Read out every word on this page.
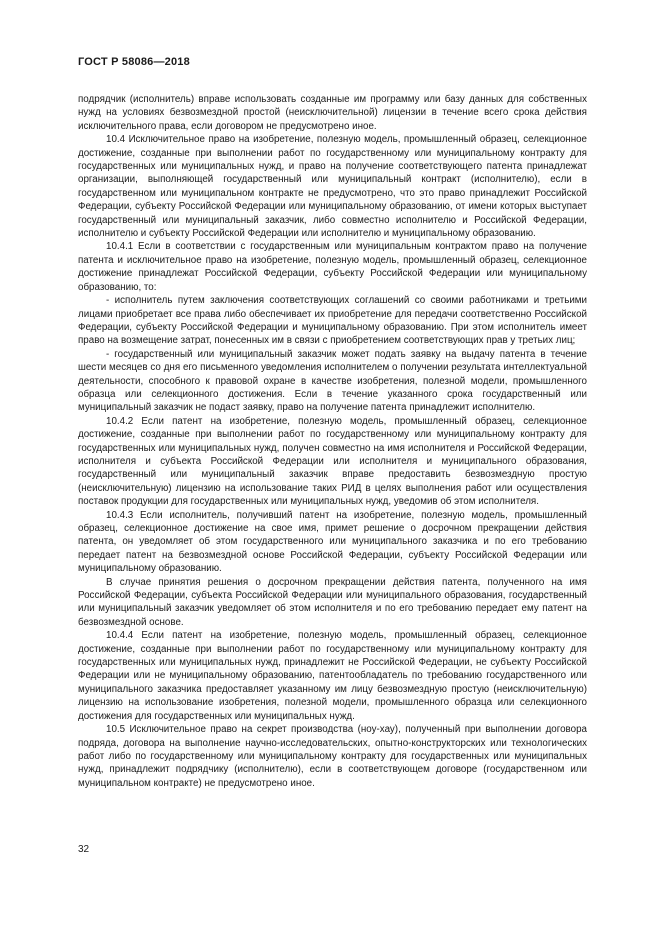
ГОСТ Р 58086—2018

подрядчик (исполнитель) вправе использовать созданные им программу или базу данных для собственных нужд на условиях безвозмездной простой (неисключительной) лицензии в течение всего срока действия исключительного права, если договором не предусмотрено иное.

10.4 Исключительное право на изобретение, полезную модель, промышленный образец, селекционное достижение, созданные при выполнении работ по государственному или муниципальному контракту для государственных или муниципальных нужд, и право на получение соответствующего патента принадлежат организации, выполняющей государственный или муниципальный контракт (исполнителю), если в государственном или муниципальном контракте не предусмотрено, что это право принадлежит Российской Федерации, субъекту Российской Федерации или муниципальному образованию, от имени которых выступает государственный или муниципальный заказчик, либо совместно исполнителю и Российской Федерации, исполнителю и субъекту Российской Федерации или исполнителю и муниципальному образованию.

10.4.1 Если в соответствии с государственным или муниципальным контрактом право на получение патента и исключительное право на изобретение, полезную модель, промышленный образец, селекционное достижение принадлежат Российской Федерации, субъекту Российской Федерации или муниципальному образованию, то:

- исполнитель путем заключения соответствующих соглашений со своими работниками и третьими лицами приобретает все права либо обеспечивает их приобретение для передачи соответственно Российской Федерации, субъекту Российской Федерации и муниципальному образованию. При этом исполнитель имеет право на возмещение затрат, понесенных им в связи с приобретением соответствующих прав у третьих лиц;

- государственный или муниципальный заказчик может подать заявку на выдачу патента в течение шести месяцев со дня его письменного уведомления исполнителем о получении результата интеллектуальной деятельности, способного к правовой охране в качестве изобретения, полезной модели, промышленного образца или селекционного достижения. Если в течение указанного срока государственный или муниципальный заказчик не подаст заявку, право на получение патента принадлежит исполнителю.

10.4.2 Если патент на изобретение, полезную модель, промышленный образец, селекционное достижение, созданные при выполнении работ по государственному или муниципальному контракту для государственных или муниципальных нужд, получен совместно на имя исполнителя и Российской Федерации, исполнителя и субъекта Российской Федерации или исполнителя и муниципального образования, государственный или муниципальный заказчик вправе предоставить безвозмездную простую (неисключительную) лицензию на использование таких РИД в целях выполнения работ или осуществления поставок продукции для государственных или муниципальных нужд, уведомив об этом исполнителя.

10.4.3 Если исполнитель, получивший патент на изобретение, полезную модель, промышленный образец, селекционное достижение на свое имя, примет решение о досрочном прекращении действия патента, он уведомляет об этом государственного или муниципального заказчика и по его требованию передает патент на безвозмездной основе Российской Федерации, субъекту Российской Федерации или муниципальному образованию.

В случае принятия решения о досрочном прекращении действия патента, полученного на имя Российской Федерации, субъекта Российской Федерации или муниципального образования, государственный или муниципальный заказчик уведомляет об этом исполнителя и по его требованию передает ему патент на безвозмездной основе.

10.4.4 Если патент на изобретение, полезную модель, промышленный образец, селекционное достижение, созданные при выполнении работ по государственному или муниципальному контракту для государственных или муниципальных нужд, принадлежит не Российской Федерации, не субъекту Российской Федерации или не муниципальному образованию, патентообладатель по требованию государственного или муниципального заказчика предоставляет указанному им лицу безвозмездную простую (неисключительную) лицензию на использование изобретения, полезной модели, промышленного образца или селекционного достижения для государственных или муниципальных нужд.

10.5 Исключительное право на секрет производства (ноу-хау), полученный при выполнении договора подряда, договора на выполнение научно-исследовательских, опытно-конструкторских или технологических работ либо по государственному или муниципальному контракту для государственных или муниципальных нужд, принадлежит подрядчику (исполнителю), если в соответствующем договоре (государственном или муниципальном контракте) не предусмотрено иное.

32
